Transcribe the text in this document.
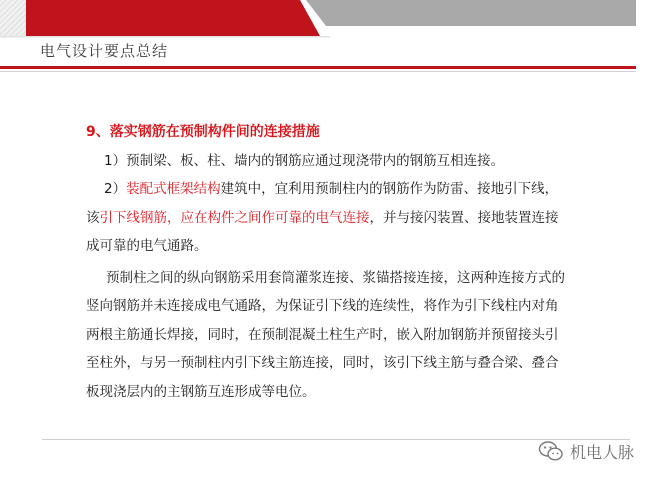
电气设计要点总结
9、落实钢筋在预制构件间的连接措施
1）预制梁、板、柱、墙内的钢筋应通过现浇带内的钢筋互相连接。
2）装配式框架结构建筑中，宜利用预制柱内的钢筋作为防雷、接地引下线，该引下线钢筋，应在构件之间作可靠的电气连接，并与接闪装置、接地装置连接成可靠的电气通路。
预制柱之间的纵向钢筋采用套筒灌浆连接、浆锚搭接连接，这两种连接方式的竖向钢筋并未连接成电气通路，为保证引下线的连续性，将作为引下线柱内对角两根主筋通长焊接，同时，在预制混凝土柱生产时，嵌入附加钢筋并预留接头引至柱外，与另一预制柱内引下线主筋连接，同时，该引下线主筋与叠合梁、叠合板现浇层内的主钢筋互连形成等电位。
机电人脉
